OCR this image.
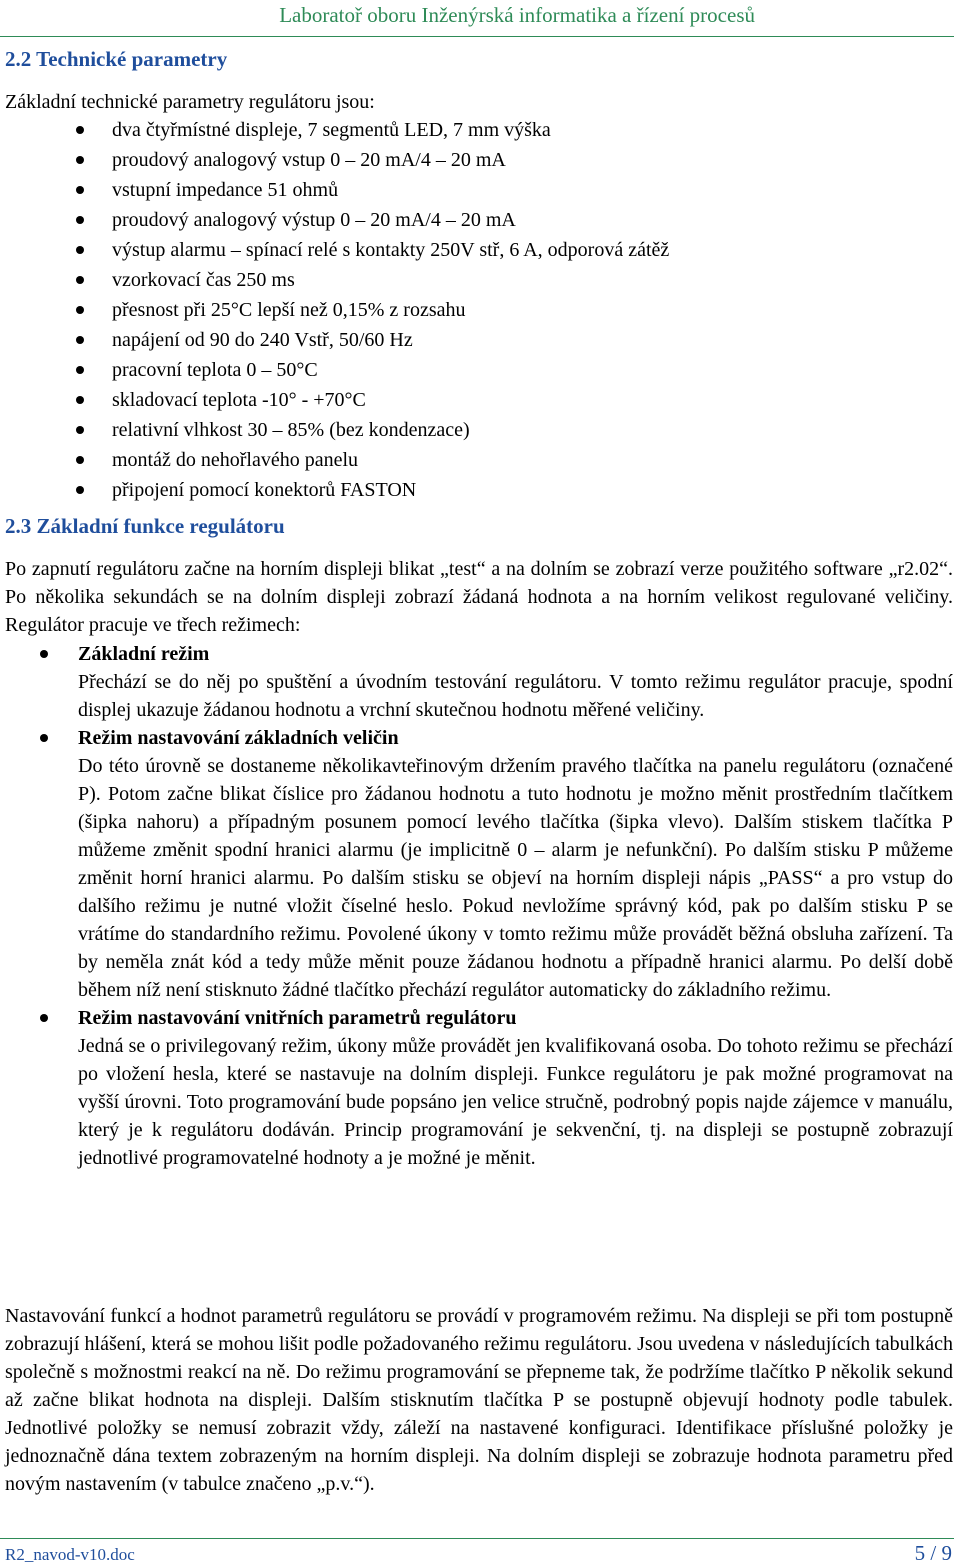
Laboratoř oboru Inženýrská informatika a řízení procesů
2.2 Technické parametry
Základní technické parametry regulátoru jsou:
dva čtyřmístné displeje, 7 segmentů LED, 7 mm výška
proudový analogový vstup 0 – 20 mA/4 – 20 mA
vstupní impedance 51 ohmů
proudový analogový výstup 0 – 20 mA/4 – 20 mA
výstup alarmu – spínací relé s kontakty 250V stř, 6 A, odporová zátěž
vzorkovací čas 250 ms
přesnost při 25°C lepší než 0,15% z rozsahu
napájení od 90 do 240 Vstř, 50/60 Hz
pracovní teplota 0 – 50°C
skladovací teplota -10° - +70°C
relativní vlhkost 30 – 85% (bez kondenzace)
montáž do nehořlavého panelu
připojení pomocí konektorů FASTON
2.3 Základní funkce regulátoru
Po zapnutí regulátoru začne na horním displeji blikat „test“ a na dolním se zobrazí verze použitého software „r2.02“. Po několika sekundách se na dolním displeji zobrazí žádaná hodnota a na horním velikost regulované veličiny. Regulátor pracuje ve třech režimech:
Základní režim
Přechází se do něj po spuštění a úvodním testování regulátoru. V tomto režimu regulátor pracuje, spodní displej ukazuje žádanou hodnotu a vrchní skutečnou hodnotu měřené veličiny.
Režim nastavování základních veličin
Do této úrovně se dostaneme několikavteřinovým držením pravého tlačítka na panelu regulátoru (označené P). Potom začne blikat číslice pro žádanou hodnotu a tuto hodnotu je možno měnit prostředním tlačítkem (šipka nahoru) a případným posunem pomocí levého tlačítka (šipka vlevo). Dalším stiskem tlačítka P můžeme změnit spodní hranici alarmu (je implicitně 0 – alarm je nefunkční). Po dalším stisku P můžeme změnit horní hranici alarmu. Po dalším stisku se objeví na horním displeji nápis „PASS“ a pro vstup do dalšího režimu je nutné vložit číselné heslo. Pokud nevložíme správný kód, pak po dalším stisku P se vrátíme do standardního režimu. Povolené úkony v tomto režimu může provádět běžná obsluha zařízení. Ta by neměla znát kód a tedy může měnit pouze žádanou hodnotu a případně hranici alarmu. Po delší době během níž není stisknuto žádné tlačítko přechází regulátor automaticky do základního režimu.
Režim nastavování vnitřních parametrů regulátoru
Jedná se o privilegovaný režim, úkony může provádět jen kvalifikovaná osoba. Do tohoto režimu se přechází po vložení hesla, které se nastavuje na dolním displeji. Funkce regulátoru je pak možné programovat na vyšší úrovni. Toto programování bude popsáno jen velice stručně, podrobný popis najde zájemce v manuálu, který je k regulátoru dodáván. Princip programování je sekvenční, tj. na displeji se postupně zobrazují jednotlivé programovatelné hodnoty a je možné je měnit.
Nastavování funkcí a hodnot parametrů regulátoru se provádí v programovém režimu. Na displeji se při tom postupně zobrazují hlášení, která se mohou lišit podle požadovaného režimu regulátoru. Jsou uvedena v následujících tabulkách společně s možnostmi reakcí na ně. Do režimu programování se přepneme tak, že podržíme tlačítko P několik sekund až začne blikat hodnota na displeji. Dalším stisknutím tlačítka P se postupně objevují hodnoty podle tabulek. Jednotlivé položky se nemusí zobrazit vždy, záleží na nastavené konfiguraci. Identifikace příslušné položky je jednoznačně dána textem zobrazeným na horním displeji. Na dolním displeji se zobrazuje hodnota parametru před novým nastavením (v tabulce značeno „p.v.“).
R2_navod-v10.doc	5 / 9
